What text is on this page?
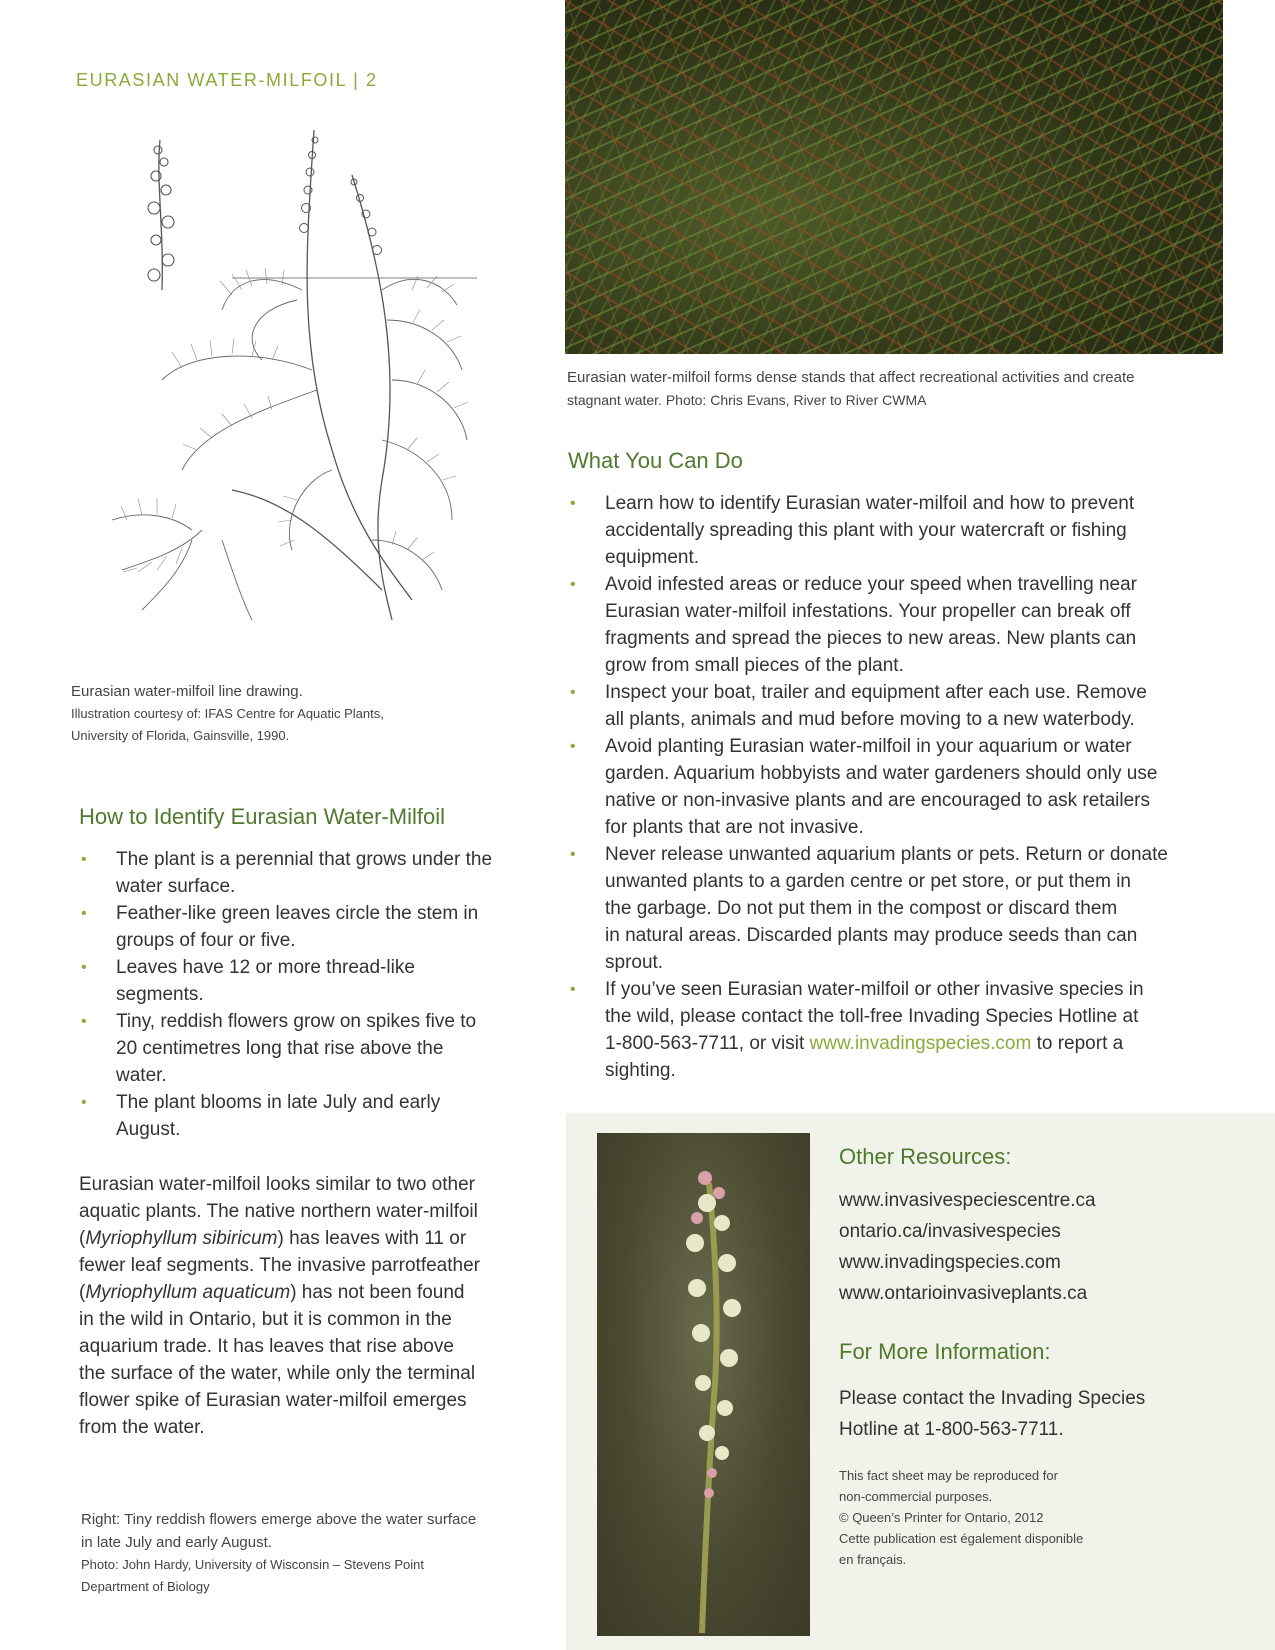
EURASIAN WATER-MILFOIL | 2
Eurasian water-milfoil line drawing.
Illustration courtesy of: IFAS Centre for Aquatic Plants,
University of Florida, Gainsville, 1990.
Eurasian water-milfoil forms dense stands that affect recreational activities and create
stagnant water. Photo: Chris Evans, River to River CWMA
How to Identify Eurasian Water-Milfoil
• The plant is a perennial that grows under the
water surface.
• Feather-like green leaves circle the stem in
groups of four or five.
• Leaves have 12 or more thread-like
segments.
• Tiny, reddish flowers grow on spikes five to
20 centimetres long that rise above the
water.
• The plant blooms in late July and early
August.
Eurasian water-milfoil looks similar to two other
aquatic plants. The native northern water-milfoil
(Myriophyllum sibiricum) has leaves with 11 or
fewer leaf segments. The invasive parrotfeather
(Myriophyllum aquaticum) has not been found
in the wild in Ontario, but it is common in the
aquarium trade. It has leaves that rise above
the surface of the water, while only the terminal
flower spike of Eurasian water-milfoil emerges
from the water.
Right: Tiny reddish flowers emerge above the water surface
in late July and early August.
Photo: John Hardy, University of Wisconsin – Stevens Point
Department of Biology
What You Can Do
• Learn how to identify Eurasian water-milfoil and how to prevent
accidentally spreading this plant with your watercraft or fishing
equipment.
• Avoid infested areas or reduce your speed when travelling near
Eurasian water-milfoil infestations. Your propeller can break off
fragments and spread the pieces to new areas. New plants can
grow from small pieces of the plant.
• Inspect your boat, trailer and equipment after each use. Remove
all plants, animals and mud before moving to a new waterbody.
• Avoid planting Eurasian water-milfoil in your aquarium or water
garden. Aquarium hobbyists and water gardeners should only use
native or non-invasive plants and are encouraged to ask retailers
for plants that are not invasive.
• Never release unwanted aquarium plants or pets. Return or donate
unwanted plants to a garden centre or pet store, or put them in
the garbage. Do not put them in the compost or discard them
in natural areas. Discarded plants may produce seeds than can
sprout.
• If you’ve seen Eurasian water-milfoil or other invasive species in
the wild, please contact the toll-free Invading Species Hotline at
1-800-563-7711, or visit www.invadingspecies.com to report a
sighting.
Other Resources:
www.invasivespeciescentre.ca
ontario.ca/invasivespecies
www.invadingspecies.com
www.ontarioinvasiveplants.ca
For More Information:
Please contact the Invading Species
Hotline at 1-800-563-7711.
This fact sheet may be reproduced for
non-commercial purposes.
© Queen’s Printer for Ontario, 2012
Cette publication est également disponible
en français.
